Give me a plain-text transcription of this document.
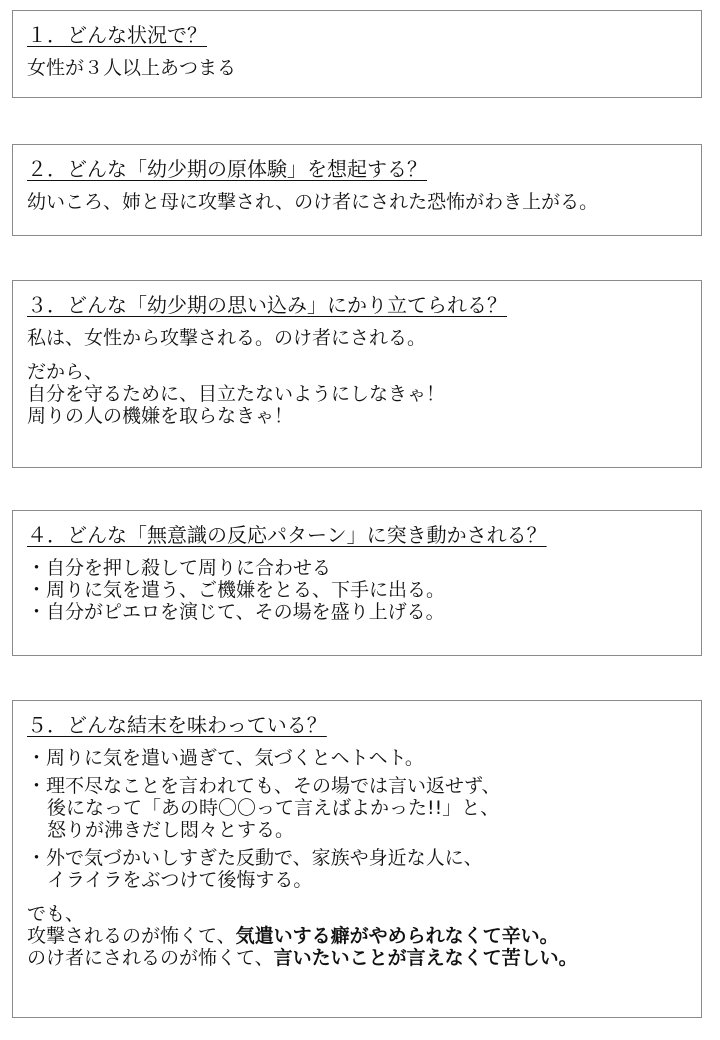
１．どんな状況で？

女性が３人以上あつまる

２．どんな「幼少期の原体験」を想起する？

幼いころ、姉と母に攻撃され、のけ者にされた恐怖がわき上がる。

３．どんな「幼少期の思い込み」にかり立てられる？

私は、女性から攻撃される。のけ者にされる。

だから、
自分を守るために、目立たないようにしなきゃ！
周りの人の機嫌を取らなきゃ！

４．どんな「無意識の反応パターン」に突き動かされる？
・自分を押し殺して周りに合わせる
・周りに気を遣う、ご機嫌をとる、下手に出る。
・自分がピエロを演じて、その場を盛り上げる。
５．どんな結末を味わっている？
・周りに気を遣い過ぎて、気づくとヘトヘト。
・理不尽なことを言われても、その場では言い返せず、
後になって「あの時〇〇って言えばよかった!!」と、
怒りが沸きだし悶々とする。
・外で気づかいしすぎた反動で、家族や身近な人に、
イライラをぶつけて後悔する。

でも、
攻撃されるのが怖くて、気遣いする癖がやめられなくて辛い。
のけ者にされるのが怖くて、言いたいことが言えなくて苦しい。
